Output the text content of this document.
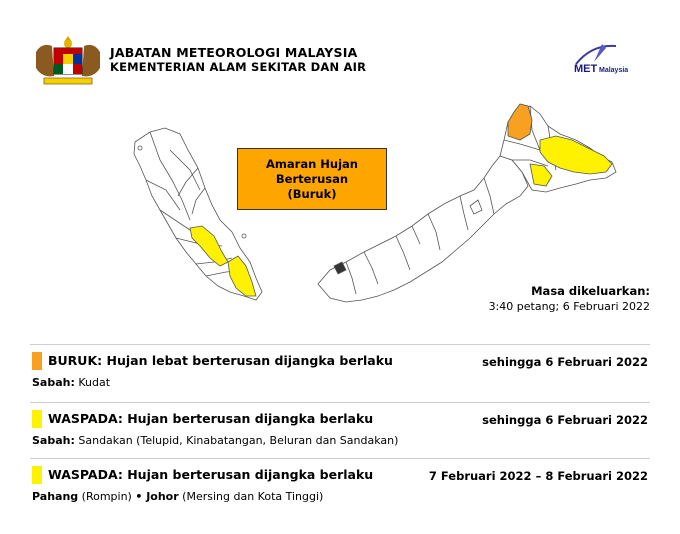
JABATAN METEOROLOGI MALAYSIA
KEMENTERIAN ALAM SEKITAR DAN AIR	MET Malaysia
Amaran Hujan
Berterusan
(Buruk)
Masa dikeluarkan:
3:40 petang; 6 Februari 2022
BURUK: Hujan lebat berterusan dijangka berlaku	sehingga 6 Februari 2022
Sabah: Kudat
WASPADA: Hujan berterusan dijangka berlaku	sehingga 6 Februari 2022
Sabah: Sandakan (Telupid, Kinabatangan, Beluran dan Sandakan)
WASPADA: Hujan berterusan dijangka berlaku	7 Februari 2022 – 8 Februari 2022
Pahang (Rompin) • Johor (Mersing dan Kota Tinggi)
